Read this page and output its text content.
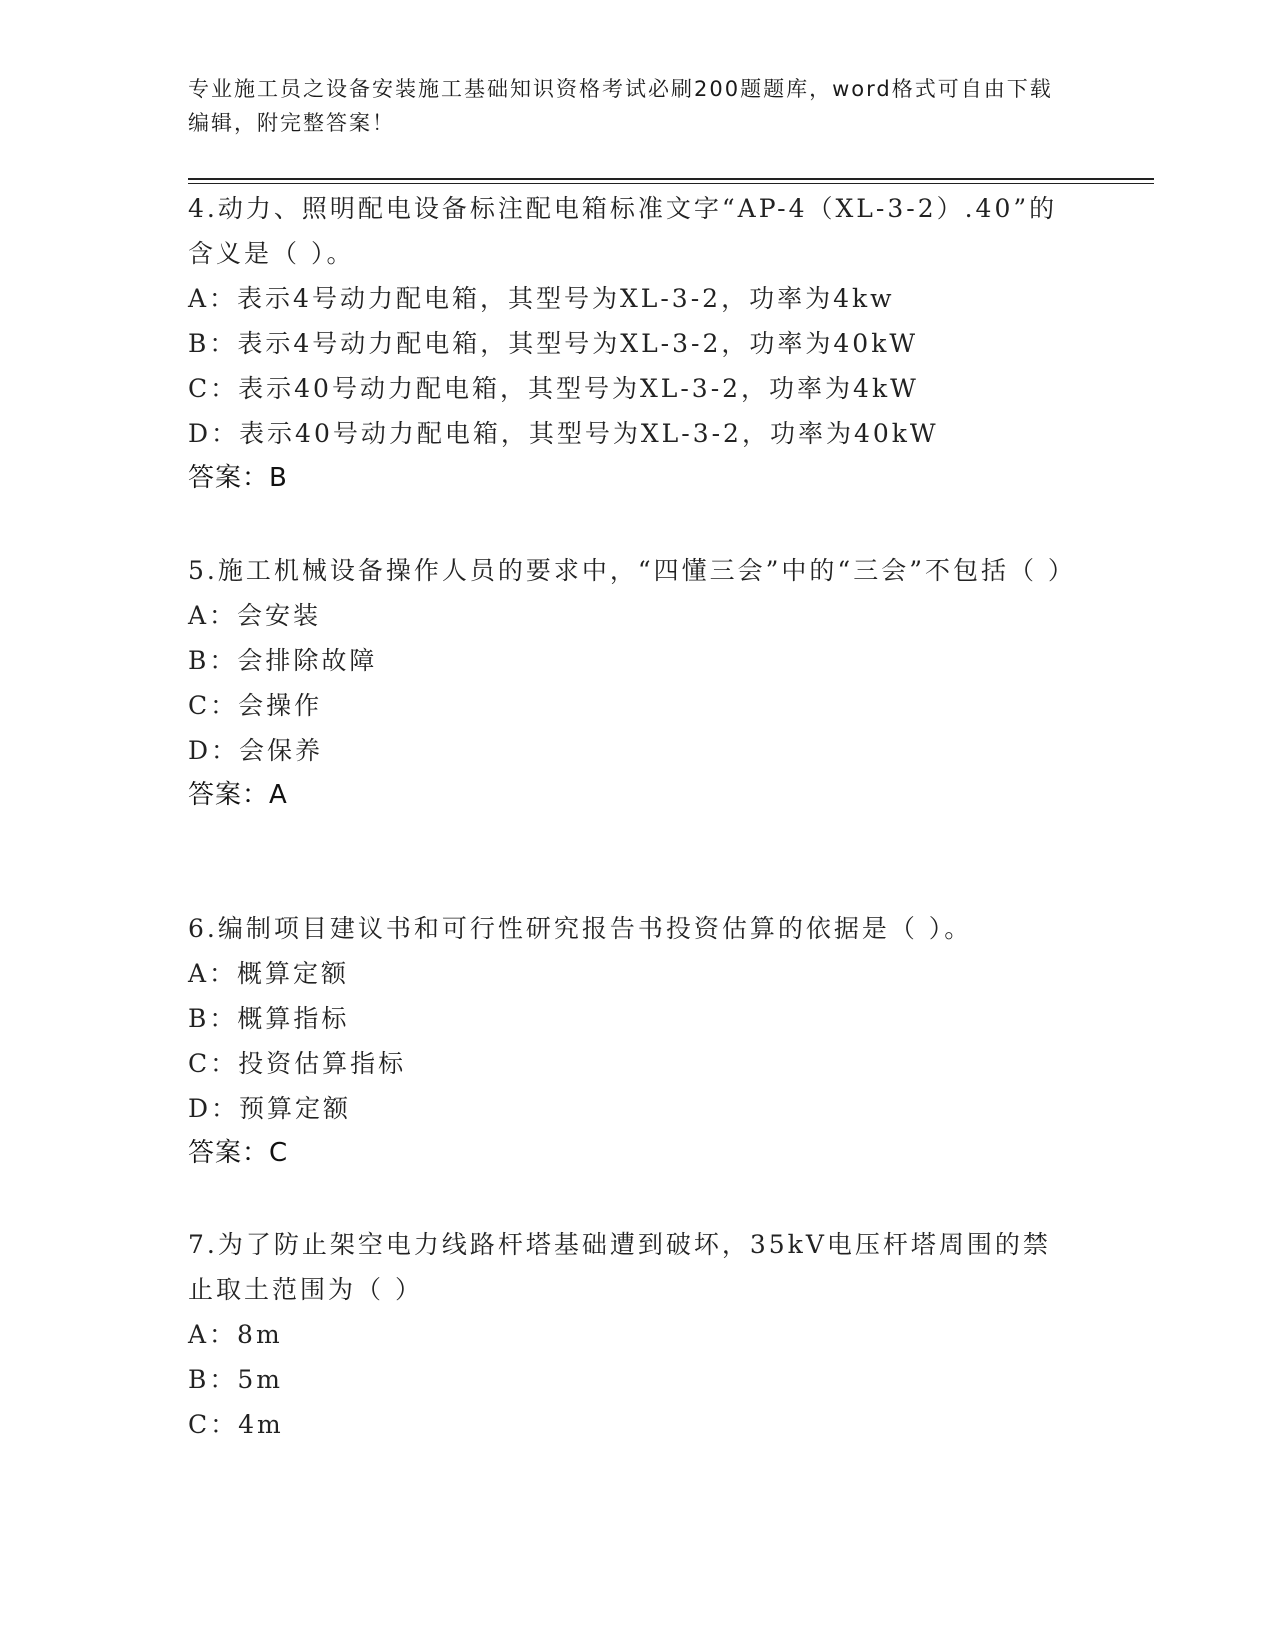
专业施工员之设备安装施工基础知识资格考试必刷200题题库，word格式可自由下载编辑，附完整答案！
4.动力、照明配电设备标注配电箱标准文字“AP-4（XL-3-2）.40”的含义是（ ）。
A：表示4号动力配电箱，其型号为XL-3-2，功率为4kw
B：表示4号动力配电箱，其型号为XL-3-2，功率为40kW
C：表示40号动力配电箱，其型号为XL-3-2，功率为4kW
D：表示40号动力配电箱，其型号为XL-3-2，功率为40kW
答案：B
5.施工机械设备操作人员的要求中，“四懂三会”中的“三会”不包括（ ）
A：会安装
B：会排除故障
C：会操作
D：会保养
答案：A
6.编制项目建议书和可行性研究报告书投资估算的依据是（ ）。
A：概算定额
B：概算指标
C：投资估算指标
D：预算定额
答案：C
7.为了防止架空电力线路杆塔基础遭到破坏，35kV电压杆塔周围的禁止取土范围为（ ）
A：8m
B：5m
C：4m
